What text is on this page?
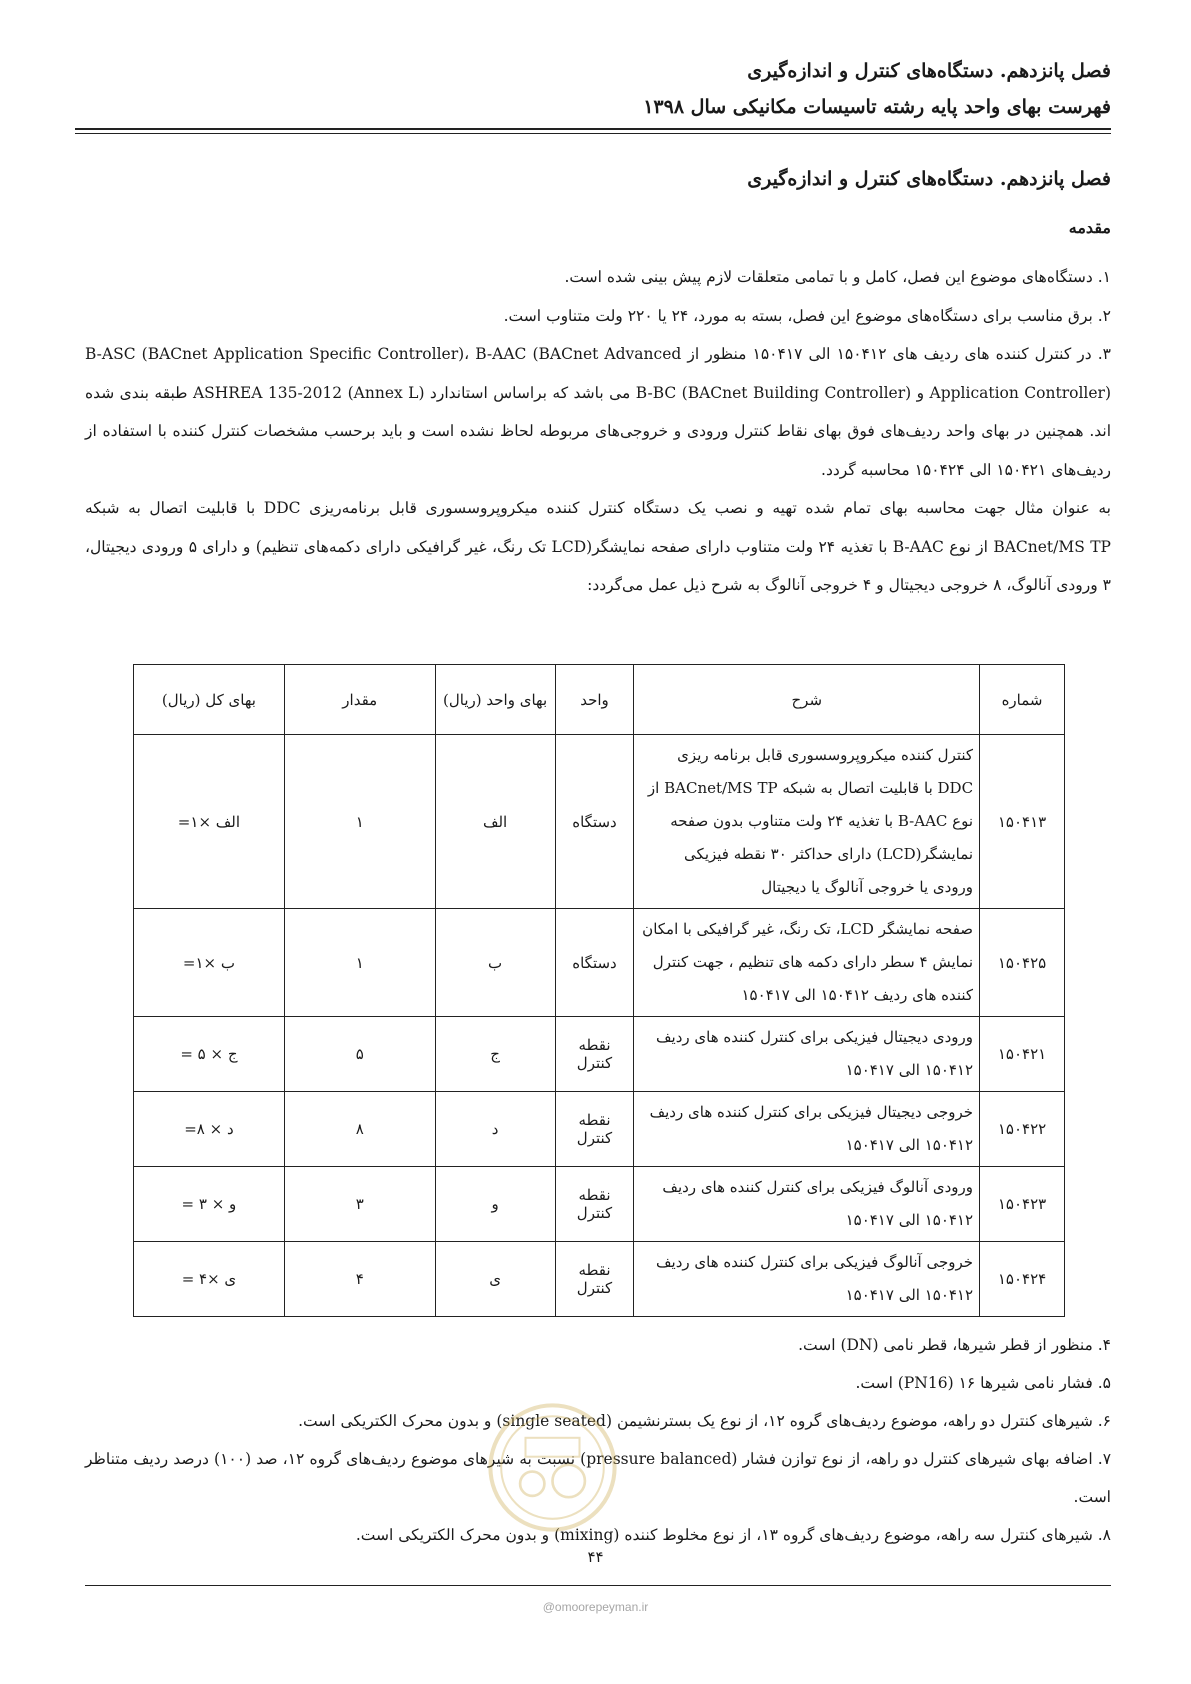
فصل پانزدهم. دستگاه‌های کنترل و اندازه‌گیری
فهرست بهای واحد پایه رشته تاسیسات مکانیکی سال ۱۳۹۸
فصل پانزدهم. دستگاه‌های کنترل و اندازه‌گیری
مقدمه

۱. دستگاه‌های موضوع این فصل، کامل و با تمامی متعلقات لازم پیش بینی شده است.

۲. برق مناسب برای دستگاه‌های موضوع این فصل، بسته به مورد، ۲۴ یا ۲۲۰ ولت متناوب است.

۳. در کنترل کننده های ردیف های ۱۵۰۴۱۲ الی ۱۵۰۴۱۷ منظور از B-ASC (BACnet Application Specific Controller)، B-AAC (BACnet Advanced Application Controller) و B-BC (BACnet Building Controller) می باشد که براساس استاندارد (Annex L) ASHREA 135-2012 طبقه بندی شده اند. همچنین در بهای واحد ردیف‌های فوق بهای نقاط کنترل ورودی و خروجی‌های مربوطه لحاظ نشده است و باید برحسب مشخصات کنترل کننده با استفاده از ردیف‌های ۱۵۰۴۲۱ الی ۱۵۰۴۲۴ محاسبه گردد.

به عنوان مثال جهت محاسبه بهای تمام شده تهیه و نصب یک دستگاه کنترل کننده میکروپروسسوری قابل برنامه‌ریزی DDC با قابلیت اتصال به شبکه BACnet/MS TP از نوع B-AAC با تغذیه ۲۴ ولت متناوب دارای صفحه نمایشگر(LCD تک رنگ، غیر گرافیکی دارای دکمه‌های تنظیم) و دارای ۵ ورودی دیجیتال، ۳ ورودی آنالوگ، ۸ خروجی دیجیتال و ۴ خروجی آنالوگ به شرح ذیل عمل می‌گردد:

شماره	شرح	واحد	بهای واحد (ریال)	مقدار	بهای کل (ریال)
۱۵۰۴۱۳	کنترل کننده میکروپروسسوری قابل برنامه ریزی DDC با قابلیت اتصال به شبکه BACnet/MS TP از نوع B-AAC با تغذیه ۲۴ ولت متناوب بدون صفحه نمایشگر(LCD) دارای حداکثر ۳۰ نقطه فیزیکی ورودی یا خروجی آنالوگ یا دیجیتال	دستگاه	الف	۱	الف ×۱=
۱۵۰۴۲۵	صفحه نمایشگر LCD، تک رنگ، غیر گرافیکی با امکان نمایش ۴ سطر دارای دکمه های تنظیم ، جهت کنترل کننده های ردیف ۱۵۰۴۱۲ الی ۱۵۰۴۱۷	دستگاه	ب	۱	ب ×۱=
۱۵۰۴۲۱	ورودی دیجیتال فیزیکی برای کنترل کننده های ردیف ۱۵۰۴۱۲ الی ۱۵۰۴۱۷	نقطه کنترل	ج	۵	ج × ۵ =
۱۵۰۴۲۲	خروجی دیجیتال فیزیکی برای کنترل کننده های ردیف ۱۵۰۴۱۲ الی ۱۵۰۴۱۷	نقطه کنترل	د	۸	د × ۸=
۱۵۰۴۲۳	ورودی آنالوگ فیزیکی برای کنترل کننده های ردیف ۱۵۰۴۱۲ الی ۱۵۰۴۱۷	نقطه کنترل	و	۳	و × ۳ =
۱۵۰۴۲۴	خروجی آنالوگ فیزیکی برای کنترل کننده های ردیف ۱۵۰۴۱۲ الی ۱۵۰۴۱۷	نقطه کنترل	ی	۴	ی ×۴ =

۴. منظور از قطر شیرها، قطر نامی (DN) است.

۵. فشار نامی شیرها ۱۶ (PN16) است.

۶. شیرهای کنترل دو راهه، موضوع ردیف‌های گروه ۱۲، از نوع یک بسترنشیمن (single seated) و بدون محرک الکتریکی است.

۷. اضافه بهای شیرهای کنترل دو راهه، از نوع توازن فشار (pressure balanced) نسبت به شیرهای موضوع ردیف‌های گروه ۱۲، صد (۱۰۰) درصد ردیف متناظر است.

۸. شیرهای کنترل سه راهه، موضوع ردیف‌های گروه ۱۳، از نوع مخلوط کننده (mixing) و بدون محرک الکتریکی است.

۴۴
@omoorepeyman.ir
